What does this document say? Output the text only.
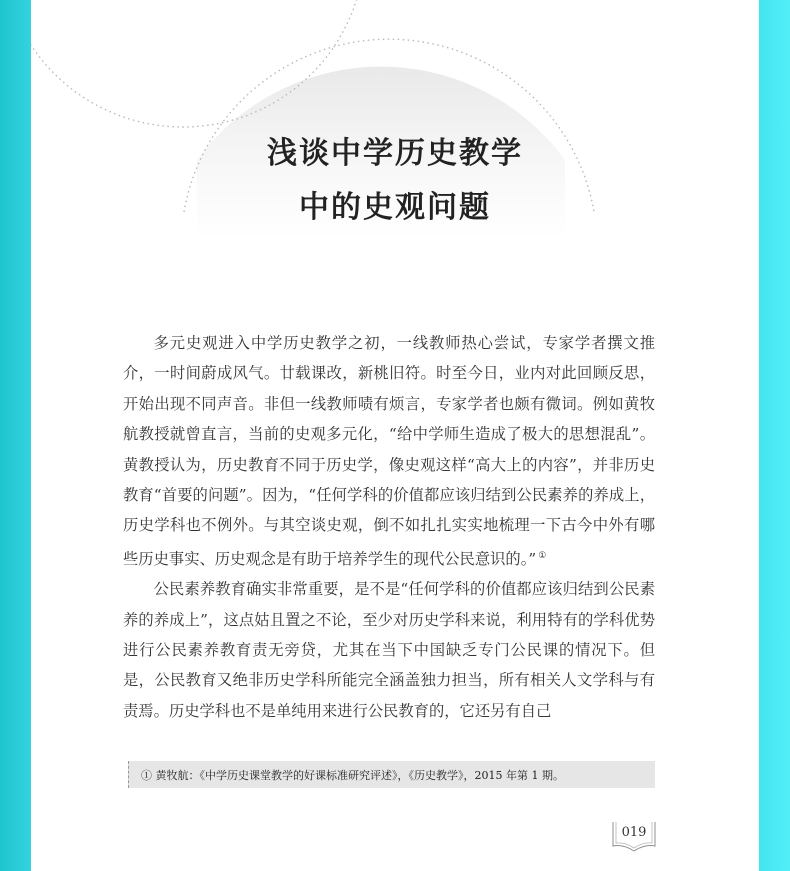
浅谈中学历史教学
中的史观问题

多元史观进入中学历史教学之初，一线教师热心尝试，专家学者撰文推介，一时间蔚成风气。廿载课改，新桃旧符。时至今日，业内对此回顾反思，开始出现不同声音。非但一线教师啧有烦言，专家学者也颇有微词。例如黄牧航教授就曾直言，当前的史观多元化，“给中学师生造成了极大的思想混乱”。黄教授认为，历史教育不同于历史学，像史观这样“高大上的内容”，并非历史教育“首要的问题”。因为，“任何学科的价值都应该归结到公民素养的养成上，历史学科也不例外。与其空谈史观，倒不如扎扎实实地梳理一下古今中外有哪些历史事实、历史观念是有助于培养学生的现代公民意识的。” ①

公民素养教育确实非常重要，是不是“任何学科的价值都应该归结到公民素养的养成上”，这点姑且置之不论，至少对历史学科来说，利用特有的学科优势进行公民素养教育责无旁贷，尤其在当下中国缺乏专门公民课的情况下。但是，公民教育又绝非历史学科所能完全涵盖独力担当，所有相关人文学科与有责焉。历史学科也不是单纯用来进行公民教育的，它还另有自己

① 黄牧航：《中学历史课堂教学的好课标准研究评述》，《历史教学》，2015 年第 1 期。
019
